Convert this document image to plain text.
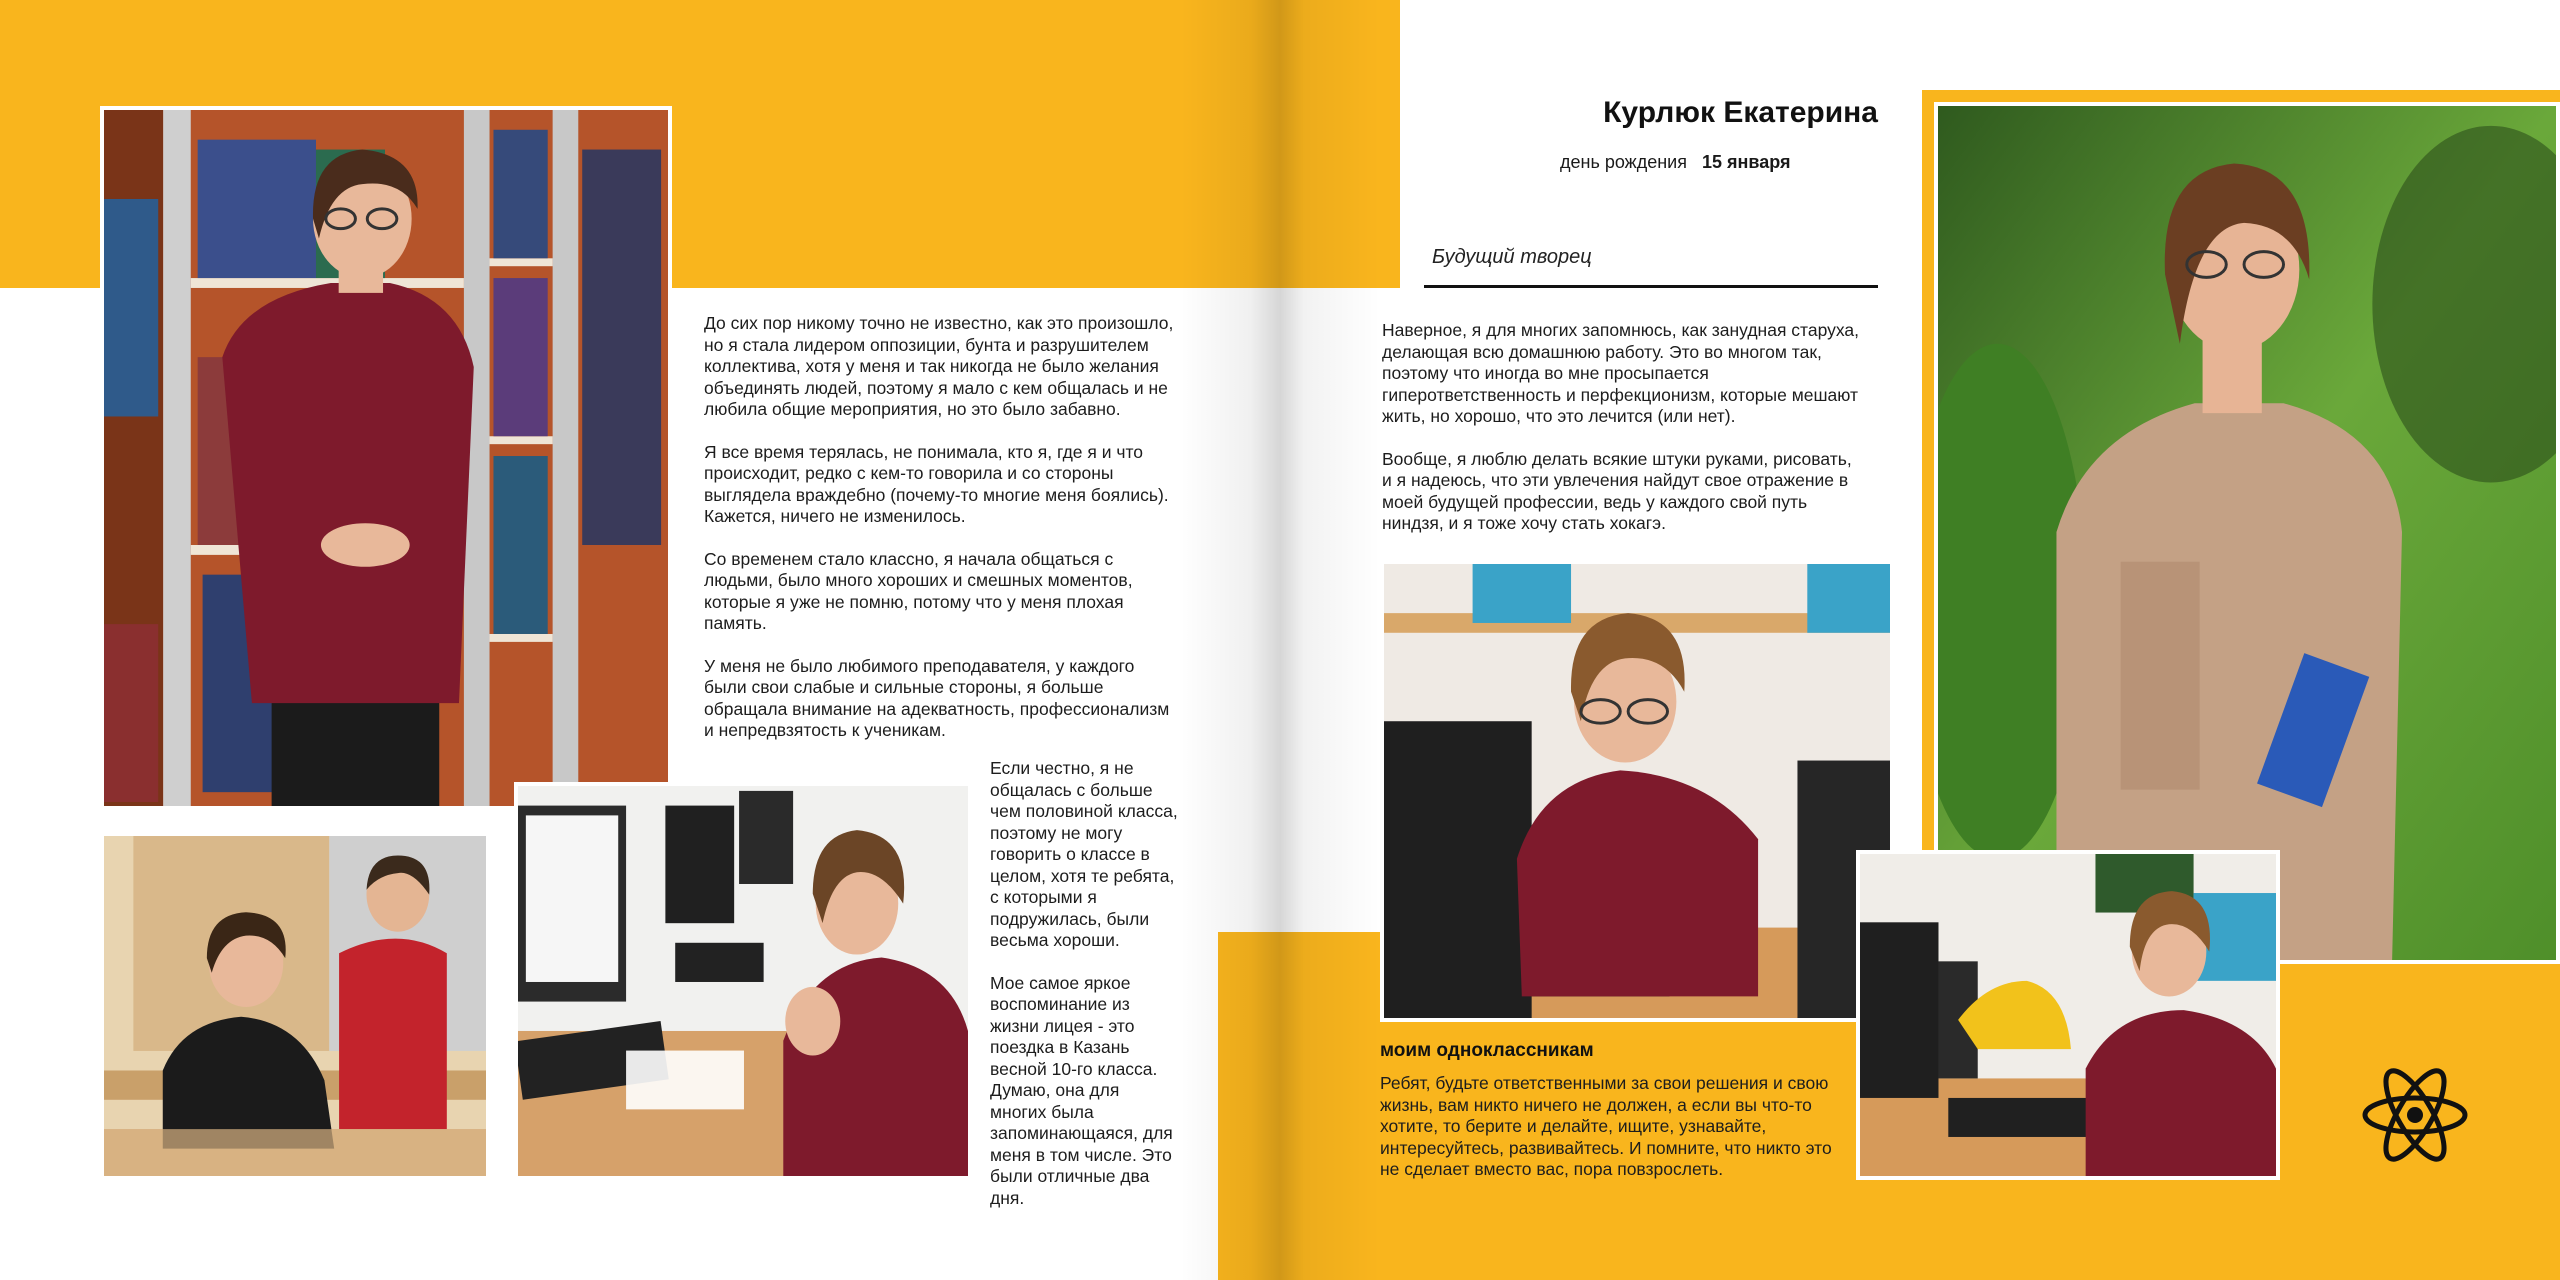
До сих пор никому точно не известно, как это произошло, но я стала лидером оппозиции, бунта и разрушителем коллектива, хотя у меня и так никогда не было желания объединять людей, поэтому я мало с кем общалась и не любила общие мероприятия, но это было забавно.

Я все время терялась, не понимала, кто я, где я и что происходит, редко с кем-то говорила и со стороны выглядела враждебно (почему-то многие меня боялись). Кажется, ничего не изменилось.

Со временем стало классно, я начала общаться с людьми, было много хороших и смешных моментов, которые я уже не помню, потому что у меня плохая память.

У меня не было любимого преподавателя, у каждого были свои слабые и сильные стороны, я больше обращала внимание на адекватность, профессионализм и непредвзятость к ученикам.

Если честно, я не общалась с больше чем половиной класса, поэтому не могу говорить о классе в целом, хотя те ребята, с которыми я подружилась, были весьма хороши.

Мое самое яркое воспоминание из жизни лицея - это поездка в Казань весной 10-го класса. Думаю, она для многих была запоминающаяся, для меня в том числе. Это были отличные два дня.

Курлюк Екатерина
день рождения 15 января
Будущий творец

Наверное, я для многих запомнюсь, как занудная старуха, делающая всю домашнюю работу. Это во многом так, поэтому что иногда во мне просыпается гиперответственность и перфекционизм, которые мешают жить, но хорошо, что это лечится (или нет).

Вообще, я люблю делать всякие штуки руками, рисовать, и я надеюсь, что эти увлечения найдут свое отражение в моей будущей профессии, ведь у каждого свой путь ниндзя, и я тоже хочу стать хокагэ.

моим одноклассникам
Ребят, будьте ответственными за свои решения и свою жизнь, вам никто ничего не должен, а если вы что-то хотите, то берите и делайте, ищите, узнавайте, интересуйтесь, развивайтесь. И помните, что никто это не сделает вместо вас, пора повзрослеть.
